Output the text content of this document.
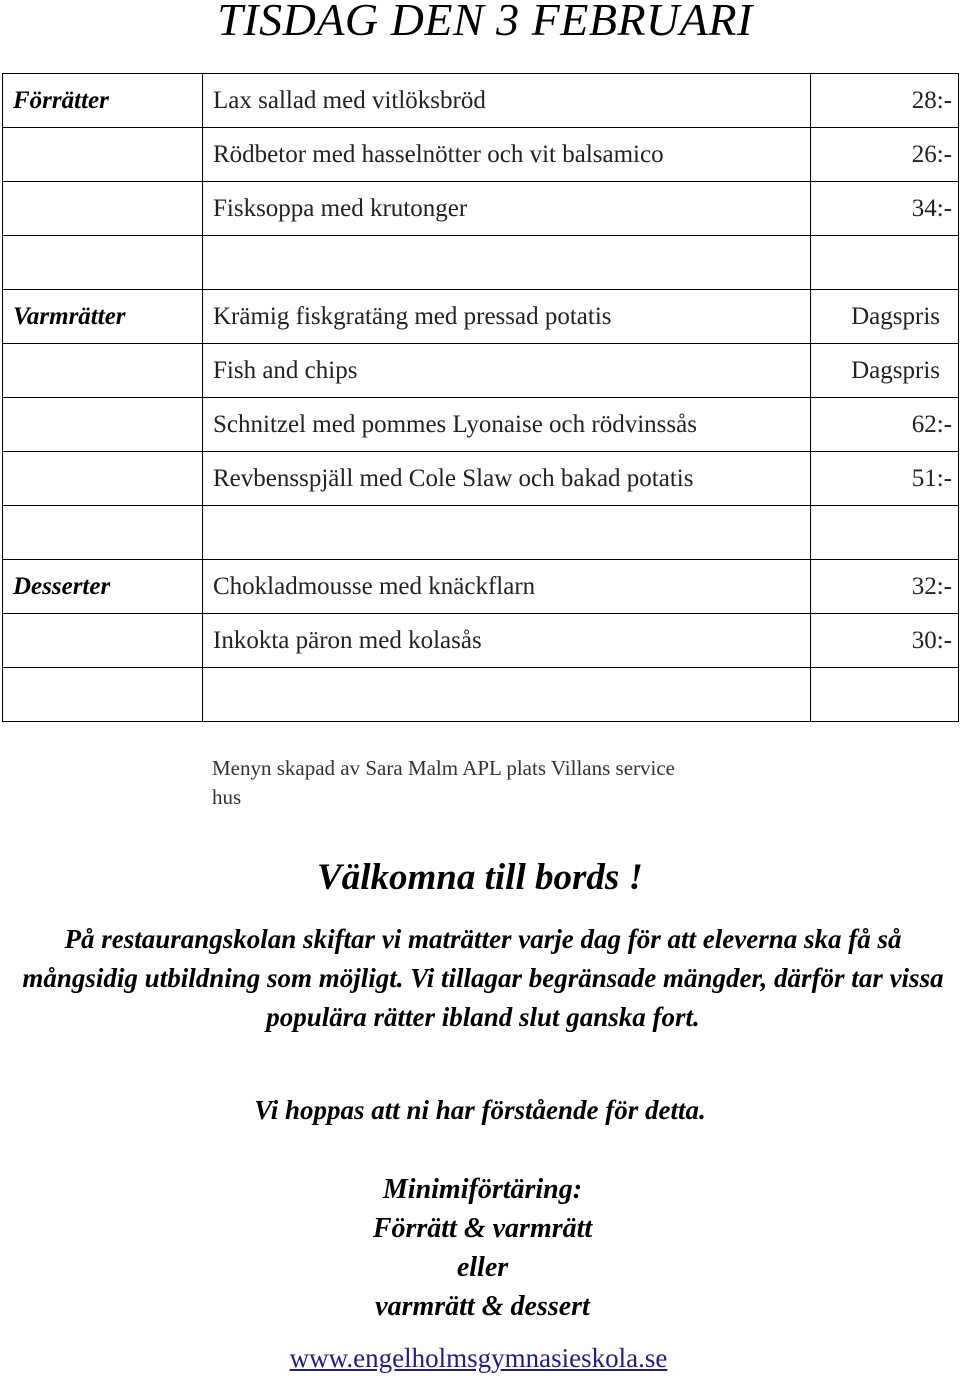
TISDAG DEN 3 FEBRUARI
Förrätter	Lax sallad med vitlöksbröd	28:-
	Rödbetor med hasselnötter och vit balsamico	26:-
	Fisksoppa med krutonger	34:-

Varmrätter	Krämig fiskgratäng med pressad potatis	Dagspris
	Fish and chips	Dagspris
	Schnitzel med pommes Lyonaise och rödvinssås	62:-
	Revbensspjäll med Cole Slaw och bakad potatis	51:-

Desserter	Chokladmousse med knäckflarn	32:-
	Inkokta päron med kolasås	30:-

Menyn skapad av Sara Malm APL plats Villans service
hus
Välkomna till bords !
På restaurangskolan skiftar vi maträtter varje dag för att eleverna ska få så mångsidig utbildning som möjligt. Vi tillagar begränsade mängder, därför tar vissa populära rätter ibland slut ganska fort.
Vi hoppas att ni har förstående för detta.
Minimiförtäring:
Förrätt & varmrätt
eller
varmrätt & dessert
www.engelholmsgymnasieskola.se
